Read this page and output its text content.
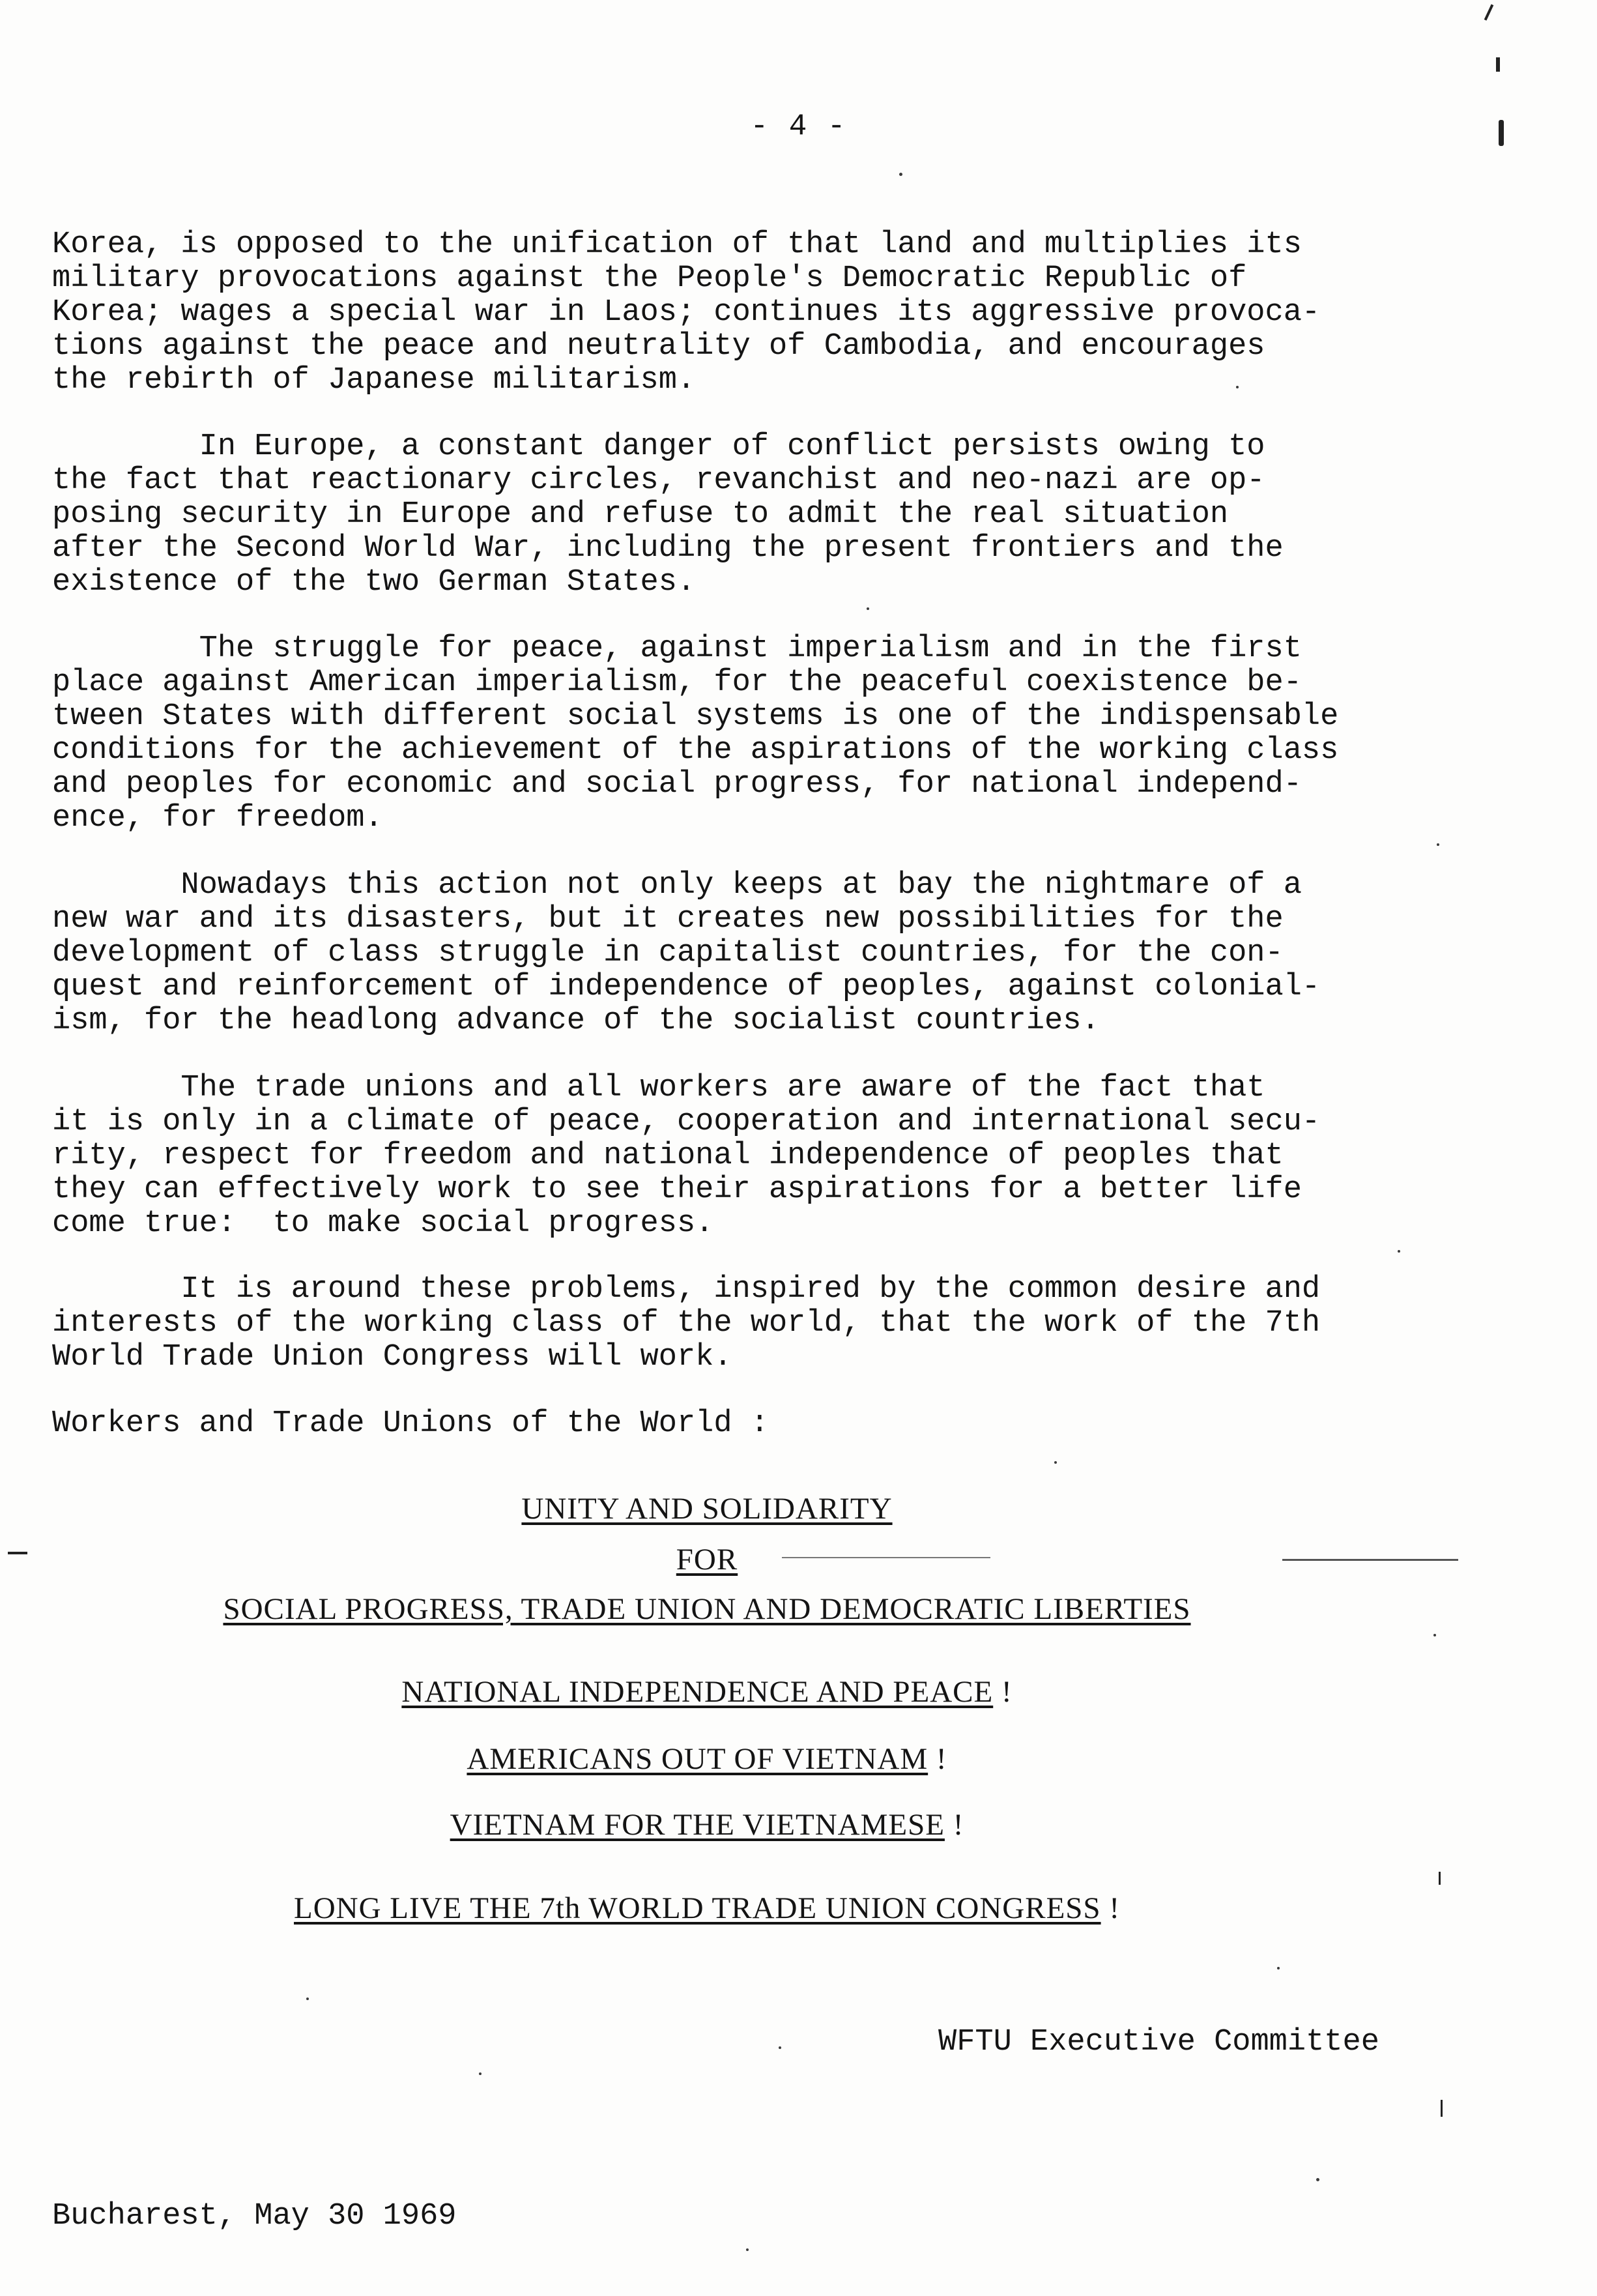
- 4 -

Korea, is opposed to the unification of that land and multiplies its

military provocations against the People's Democratic Republic of

Korea; wages a special war in Laos; continues its aggressive provoca-

tions against the peace and neutrality of Cambodia, and encourages

the rebirth of Japanese militarism.

In Europe, a constant danger of conflict persists owing to

the fact that reactionary circles, revanchist and neo-nazi are op-

posing security in Europe and refuse to admit the real situation

after the Second World War, including the present frontiers and the

existence of the two German States.

The struggle for peace, against imperialism and in the first

place against American imperialism, for the peaceful coexistence be-

tween States with different social systems is one of the indispensable

conditions for the achievement of the aspirations of the working class

and peoples for economic and social progress, for national independ-

ence, for freedom.

Nowadays this action not only keeps at bay the nightmare of a

new war and its disasters, but it creates new possibilities for the

development of class struggle in capitalist countries, for the con-

quest and reinforcement of independence of peoples, against colonial-

ism, for the headlong advance of the socialist countries.

The trade unions and all workers are aware of the fact that

it is only in a climate of peace, cooperation and international secu-

rity, respect for freedom and national independence of peoples that

they can effectively work to see their aspirations for a better life

come true:  to make social progress.

It is around these problems, inspired by the common desire and

interests of the working class of the world, that the work of the 7th

World Trade Union Congress will work.

Workers and Trade Unions of the World :

UNITY AND SOLIDARITY
FOR
SOCIAL PROGRESS, TRADE UNION AND DEMOCRATIC LIBERTIES
NATIONAL INDEPENDENCE AND PEACE !
AMERICANS OUT OF VIETNAM !
VIETNAM FOR THE VIETNAMESE !
LONG LIVE THE 7th WORLD TRADE UNION CONGRESS !
WFTU Executive Committee
Bucharest, May 30 1969
